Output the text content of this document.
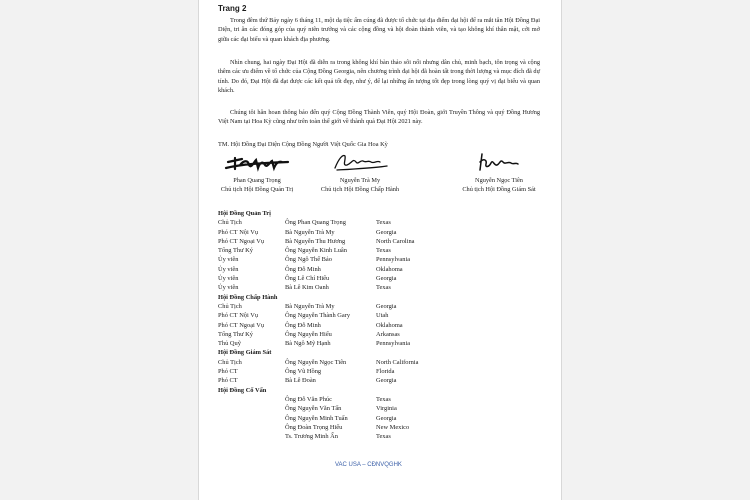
Trang 2

Trong đêm thứ Bảy ngày 6 tháng 11, một dạ tiệc ấm cúng đã được tổ chức tại địa điểm đại hội để ra mắt tân Hội Đồng Đại Diện, tri ân các đóng góp của quý niên trưởng và các cộng đồng và hội đoàn thành viên, và tạo không khí thân mật, cởi mở giữa các đại biểu và quan khách địa phương.

Nhìn chung, hai ngày Đại Hội đã diễn ra trong không khí bàn thảo sôi nổi nhưng dân chủ, minh bạch, tôn trọng và cộng thêm các ưu điểm về tổ chức của Cộng Đồng Georgia, nên chương trình đại hội đã hoàn tất trong thời lượng và mục đích đã dự tính. Do đó, Đại Hội đã đạt được các kết quả tốt đẹp, như ý, để lại những ấn tượng tốt đẹp trong lòng quý vị đại biểu và quan khách.

Chúng tôi hân hoan thông báo đến quý Cộng Đồng Thành Viên, quý Hội Đoàn, giới Truyền Thông và quý Đồng Hương Việt Nam tại Hoa Kỳ cũng như trên toàn thế giới về thành quả Đại Hội 2021 này.

TM. Hội Đồng Đại Diện Cộng Đồng Người Việt Quốc Gia Hoa Kỳ

Phan Quang Trọng
Chủ tịch Hội Đồng Quản Trị
Nguyễn Trà My
Chủ tịch Hội Đồng Chấp Hành
Nguyễn Ngọc Tiên
Chủ tịch Hội Đồng Giám Sát
Hội Đồng Quản Trị		
Chủ Tịch	Ông Phan Quang Trọng	Texas
Phó CT Nội Vụ	Bà Nguyễn Trà My	Georgia
Phó CT Ngoại Vụ	Bà Nguyễn Thu Hương	North Carolina
Tổng Thư Ký	Ông Nguyễn Kinh Luân	Texas
Ủy viên	Ông Ngô Thế Bảo	Pennsylvania
Ủy viên	Ông Đỗ Minh	Oklahoma
Ủy viên	Ông Lê Chí Hiếu	Georgia
Ủy viên	Bà Lê Kim Oanh	Texas
Hội Đồng Chấp Hành		
Chủ Tịch	Bà Nguyễn Trà My	Georgia
Phó CT Nội Vụ	Ông Nguyễn Thành Gary	Utah
Phó CT Ngoại Vụ	Ông Đỗ Minh	Oklahoma
Tổng Thư Ký	Ông Nguyễn Hiếu	Arkansas
Thủ Quỹ	Bà Ngô Mỹ Hạnh	Pennsylvania
Hội Đồng Giám Sát		
Chủ Tịch	Ông Nguyễn Ngọc Tiên	North California
Phó CT	Ông Vũ Hồng	Florida
Phó CT	Bà Lê Đoàn	Georgia
Hội Đồng Cố Vấn		
	Ông Đỗ Văn Phúc	Texas
	Ông Nguyễn Văn Tấn	Virginia
	Ông Nguyễn Minh Tuấn	Georgia
	Ông Đoàn Trọng Hiếu	New Mexico
	Ts. Trương Minh Ẩn	Texas
VAC USA – CĐNVQGHK
